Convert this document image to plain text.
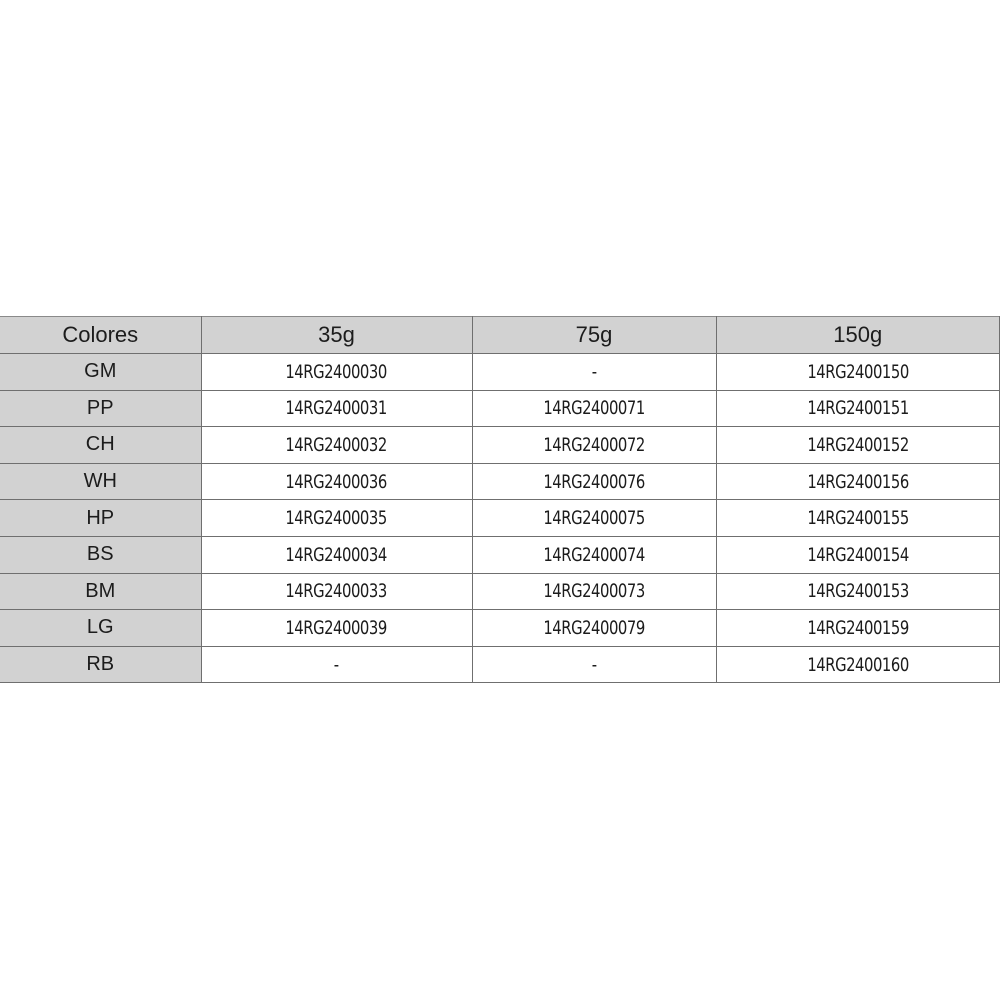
Colores	35g	75g	150g
GM	14RG2400030	-	14RG2400150
PP	14RG2400031	14RG2400071	14RG2400151
CH	14RG2400032	14RG2400072	14RG2400152
WH	14RG2400036	14RG2400076	14RG2400156
HP	14RG2400035	14RG2400075	14RG2400155
BS	14RG2400034	14RG2400074	14RG2400154
BM	14RG2400033	14RG2400073	14RG2400153
LG	14RG2400039	14RG2400079	14RG2400159
RB	-	-	14RG2400160
